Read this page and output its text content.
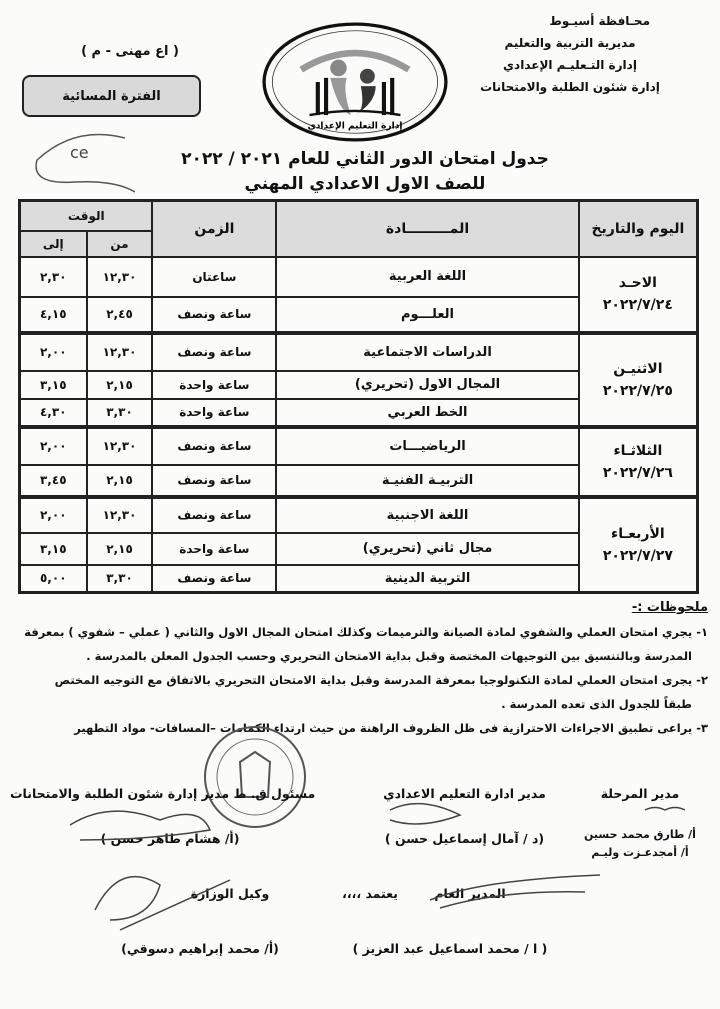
محـافظة أسيـوط
مديرية التربية والتعليم
إدارة التـعليـم الإعدادي
إدارة شئون الطلبة والامتحانات
( اع مهنى - م )
الفترة المسائية
إدارة التعليم الإعدادي
ce	جدول امتحان الدور الثاني للعام ٢٠٢١ / ٢٠٢٢
للصف الاول الاعدادي المهني
اليوم والتاريخ	المـــــــــادة	الزمن	الوقت	
			من	إلى

الاحـد
٢٠٢٢/٧/٢٤	اللغة العربية	ساعتان	١٢,٣٠	٢,٣٠
	العلـــوم	ساعة ونصف	٢,٤٥	٤,١٥

الاثنيـن
٢٠٢٢/٧/٢٥	الدراسات الاجتماعية	ساعة ونصف	١٢,٣٠	٢,٠٠
	المجال الاول (تحريري)	ساعة واحدة	٢,١٥	٣,١٥
	الخط العربي	ساعة واحدة	٣,٣٠	٤,٣٠

الثلاثـاء
٢٠٢٢/٧/٢٦	الرياضيـــات	ساعة ونصف	١٢,٣٠	٢,٠٠
	التربيـة الفنيـة	ساعة ونصف	٢,١٥	٣,٤٥

الأربعـاء
٢٠٢٢/٧/٢٧	اللغة الاجنبية	ساعة ونصف	١٢,٣٠	٢,٠٠
	مجال ثاني (تحريري)	ساعة واحدة	٢,١٥	٣,١٥
	التربية الدينية	ساعة ونصف	٣,٣٠	٥,٠٠
ملحوظات :-
١- يجري امتحان العملي والشفوي لمادة الصيانة والترميمات وكذلك امتحان المجال الاول والثاني ( عملي – شفوي ) بمعرفة
المدرسة وبالتنسيق بين التوجيهات المختصة وقبل بداية الامتحان التحريري وحسب الجدول المعلن بالمدرسة .
٢- يجرى امتحان العملي لمادة التكنولوجيا بمعرفة المدرسة وقبل بداية الامتحان التحريري بالاتفاق مع التوجيه المختص
طبقاً للجدول الذى تعده المدرسة .
٣- يراعى تطبيق الاجراءات الاحترازية فى ظل الظروف الراهنة من حيث ارتداء الكمامات –المسافات- مواد التطهير
مدير المرحلة
أ/ طارق محمد حسين
أ/ أمجدعـزت وليـم
مدير ادارة التعليم الاعدادي
(د / آمال إسماعيل حسن )
مسئول ق. ط مدير إدارة شئون الطلبة والامتحانات
(أ/ هشام طاهر حسن )
المدير العام
( ا / محمد اسماعيل عبد العزيز )
يعتمد ،،،،
وكيل الوزارة
(أ/ محمد إبراهيم دسوقي)
